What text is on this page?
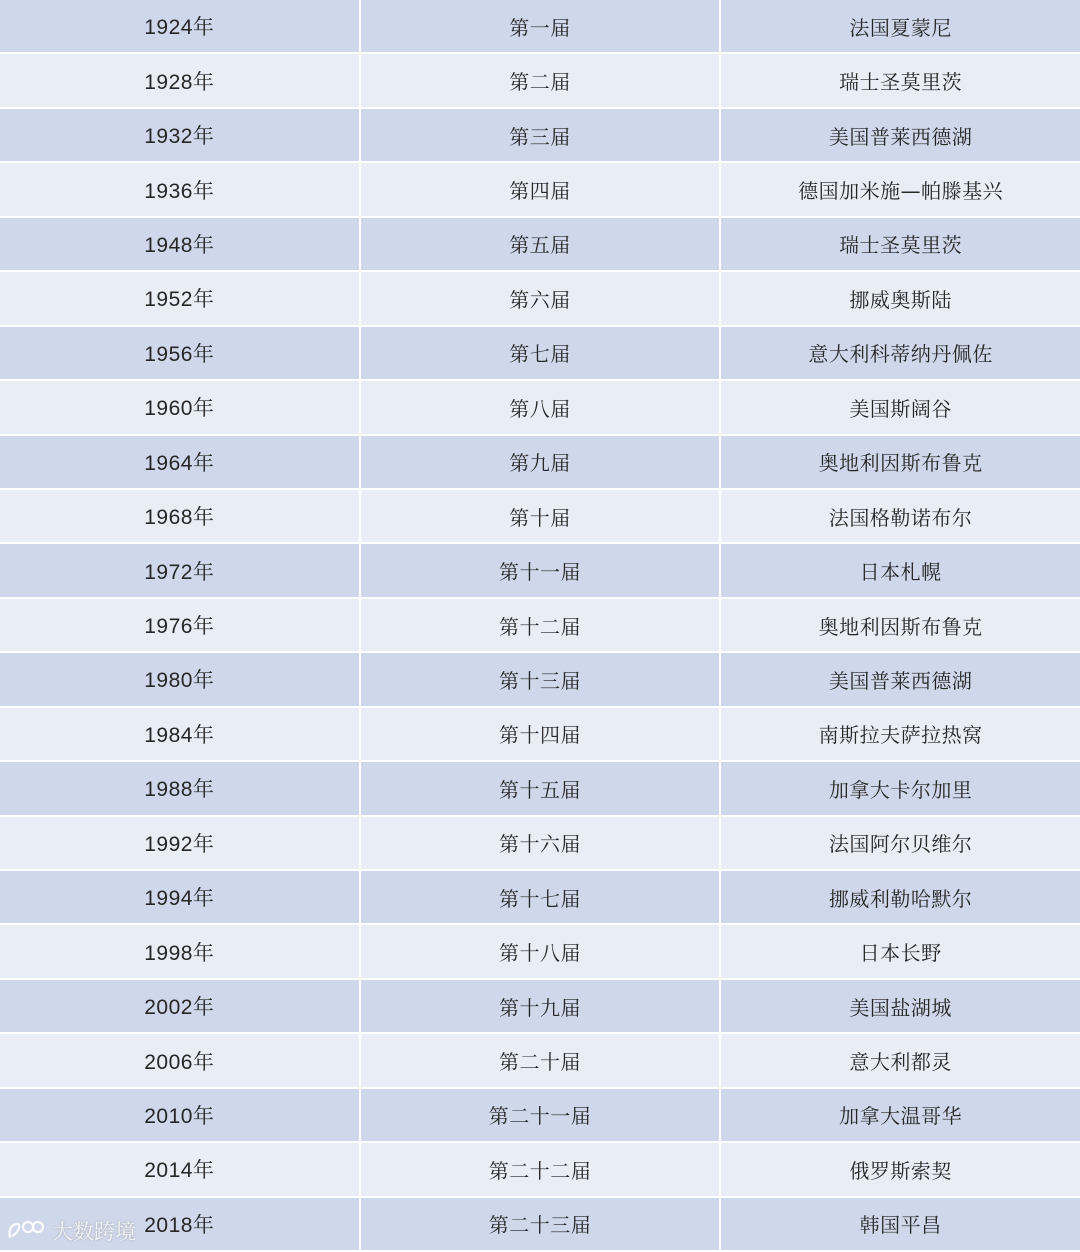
1924年	第一届	法国夏蒙尼
1928年	第二届	瑞士圣莫里茨
1932年	第三届	美国普莱西德湖
1936年	第四届	德国加米施—帕滕基兴
1948年	第五届	瑞士圣莫里茨
1952年	第六届	挪威奥斯陆
1956年	第七届	意大利科蒂纳丹佩佐
1960年	第八届	美国斯阔谷
1964年	第九届	奥地利因斯布鲁克
1968年	第十届	法国格勒诺布尔
1972年	第十一届	日本札幌
1976年	第十二届	奥地利因斯布鲁克
1980年	第十三届	美国普莱西德湖
1984年	第十四届	南斯拉夫萨拉热窝
1988年	第十五届	加拿大卡尔加里
1992年	第十六届	法国阿尔贝维尔
1994年	第十七届	挪威利勒哈默尔
1998年	第十八届	日本长野
2002年	第十九届	美国盐湖城
2006年	第二十届	意大利都灵
2010年	第二十一届	加拿大温哥华
2014年	第二十二届	俄罗斯索契
2018年	第二十三届	韩国平昌
大数跨境
